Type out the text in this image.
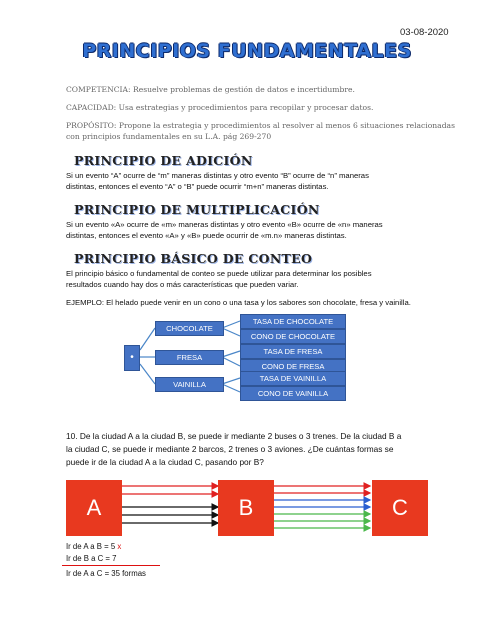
03-08-2020
PRINCIPIOS FUNDAMENTALES
COMPETENCIA: Resuelve problemas de gestión de datos e incertidumbre.
CAPACIDAD: Usa estrategias y procedimientos para recopilar y procesar datos.
PROPÓSITO: Propone la estrategia y procedimientos al resolver al menos 6 situaciones relacionadas
con principios fundamentales en su L.A. pág 269-270
PRINCIPIO DE ADICIÓN
Si un evento “A” ocurre de “m” maneras distintas y otro evento “B” ocurre de “n” maneras
distintas, entonces el evento “A” o “B” puede ocurrir “m+n” maneras distintas.
PRINCIPIO DE MULTIPLICACIÓN
Si un evento «A» ocurre de «m» maneras distintas y otro evento «B» ocurre de «n» maneras
distintas, entonces el evento «A» y «B» puede ocurrir de «m.n» maneras distintas.
PRINCIPIO BÁSICO DE CONTEO
El principio básico o fundamental de conteo se puede utilizar para determinar los posibles
resultados cuando hay dos o más características que pueden variar.
EJEMPLO: El helado puede venir en un cono o una tasa y los sabores son chocolate, fresa y vainilla.
•
CHOCOLATE
FRESA
VAINILLA
TASA DE CHOCOLATE
CONO DE CHOCOLATE
TASA DE FRESA
CONO DE FRESA
TASA DE VAINILLA
CONO DE VAINILLA
10. De la ciudad A a la ciudad B, se puede ir mediante 2 buses o 3 trenes. De la ciudad B a
la ciudad C, se puede ir mediante 2 barcos, 2 trenes o 3 aviones. ¿De cuántas formas se
puede ir de la ciudad A a la ciudad C, pasando por B?
A	B	C
Ir de A a B = 5 x
Ir de B a C = 7
Ir de A a C = 35 formas
